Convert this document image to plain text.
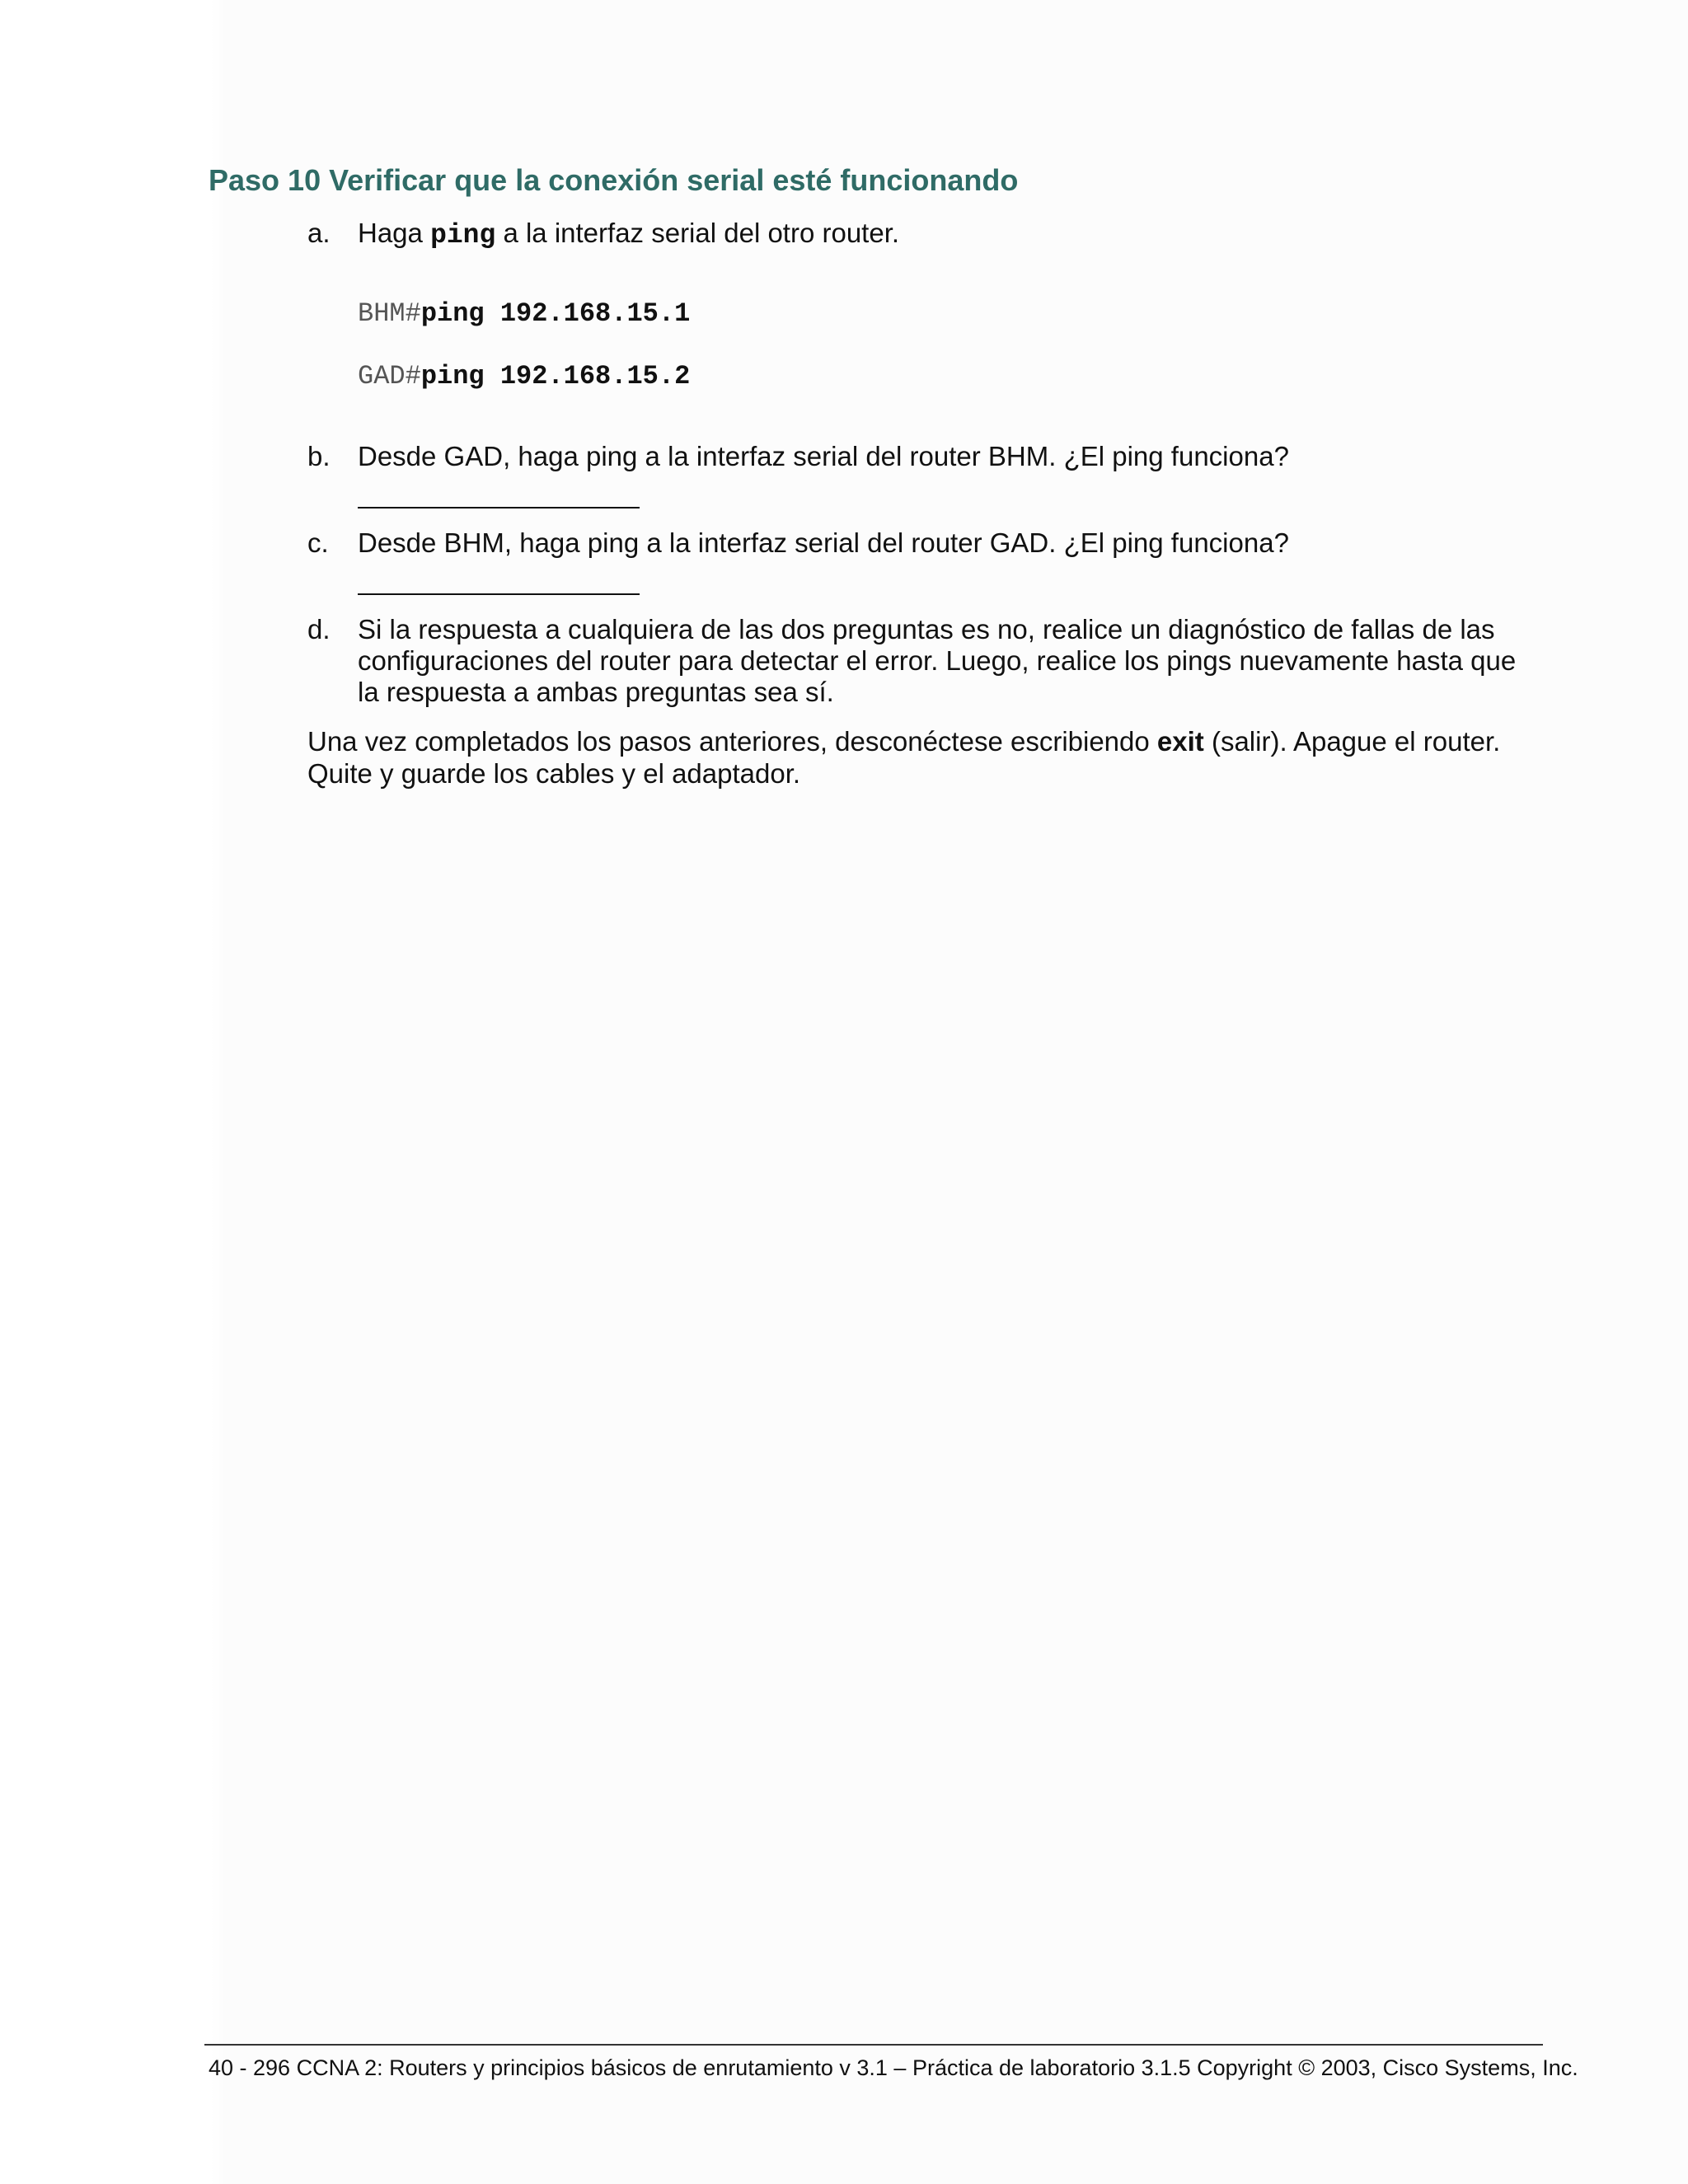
Paso 10 Verificar que la conexión serial esté funcionando
a.	Haga ping a la interfaz serial del otro router.
BHM#ping 192.168.15.1
GAD#ping 192.168.15.2
b.	Desde GAD, haga ping a la interfaz serial del router BHM. ¿El ping funciona?
c.	Desde BHM, haga ping a la interfaz serial del router GAD. ¿El ping funciona?
d.	Si la respuesta a cualquiera de las dos preguntas es no, realice un diagnóstico de fallas de las
configuraciones del router para detectar el error. Luego, realice los pings nuevamente hasta que
la respuesta a ambas preguntas sea sí.
Una vez completados los pasos anteriores, desconéctese escribiendo exit (salir). Apague el router.
Quite y guarde los cables y el adaptador.
40 - 296 CCNA 2: Routers y principios básicos de enrutamiento v 3.1 – Práctica de laboratorio 3.1.5 Copyright © 2003, Cisco Systems, Inc.
